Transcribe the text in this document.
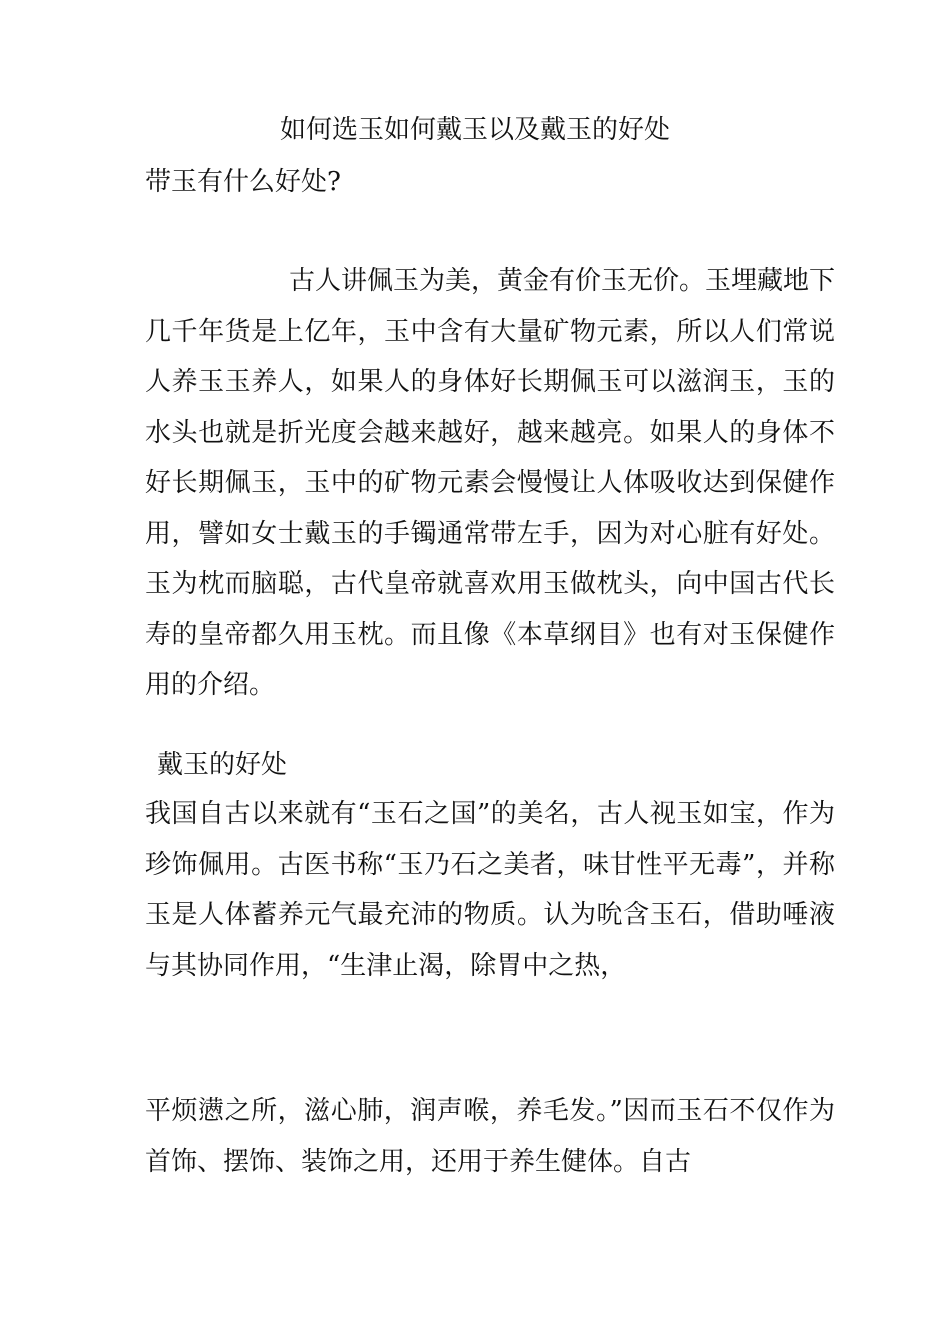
如何选玉如何戴玉以及戴玉的好处
带玉有什么好处?

古人讲佩玉为美，黄金有价玉无价。玉埋藏地下几千年货是上亿年，玉中含有大量矿物元素，所以人们常说人养玉玉养人，如果人的身体好长期佩玉可以滋润玉，玉的水头也就是折光度会越来越好，越来越亮。如果人的身体不好长期佩玉，玉中的矿物元素会慢慢让人体吸收达到保健作用，譬如女士戴玉的手镯通常带左手，因为对心脏有好处。玉为枕而脑聪，古代皇帝就喜欢用玉做枕头，向中国古代长寿的皇帝都久用玉枕。而且像《本草纲目》也有对玉保健作用的介绍。

戴玉的好处

我国自古以来就有“玉石之国”的美名，古人视玉如宝，作为珍饰佩用。古医书称“玉乃石之美者，味甘性平无毒”，并称玉是人体蓄养元气最充沛的物质。认为吮含玉石，借助唾液与其协同作用，“生津止渴，除胃中之热，

平烦懑之所，滋心肺，润声喉，养毛发。”因而玉石不仅作为首饰、摆饰、装饰之用，还用于养生健体。自古
